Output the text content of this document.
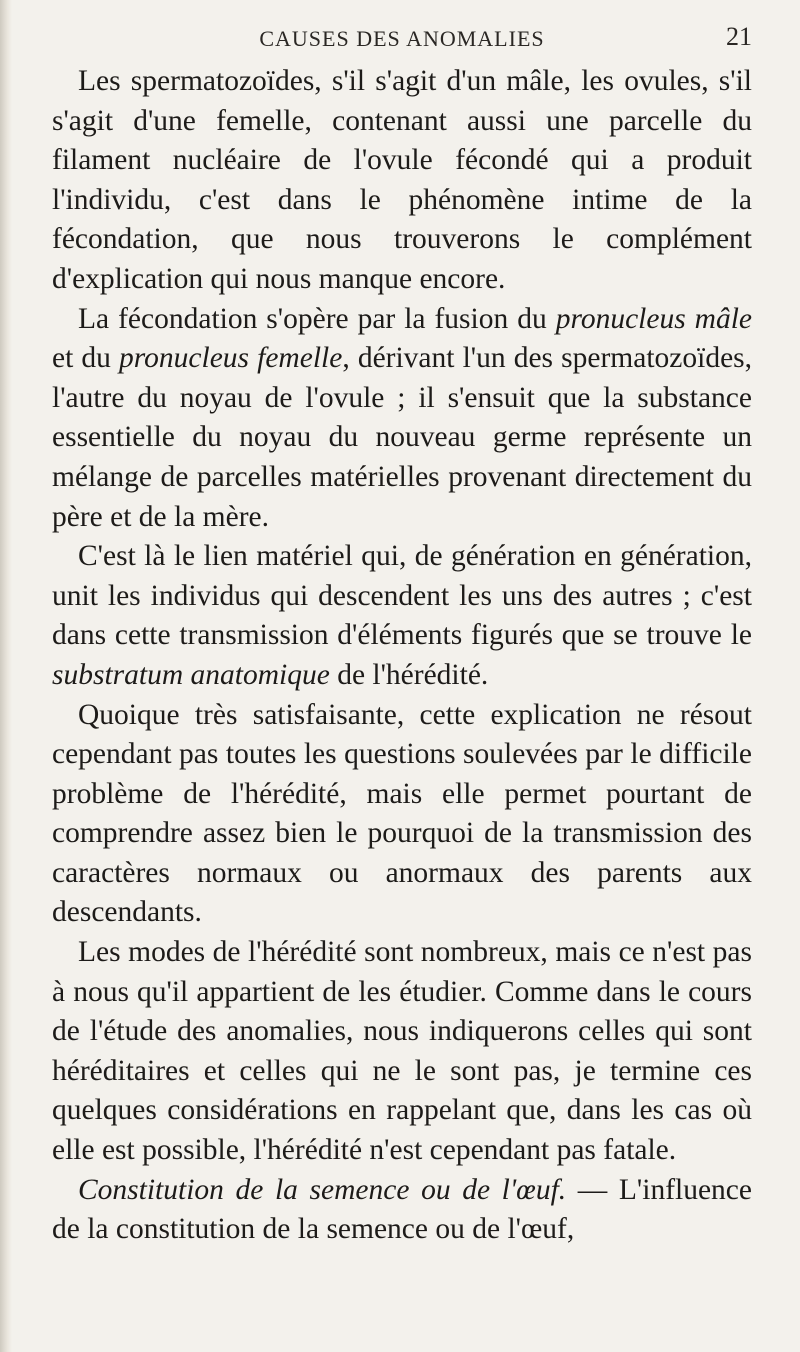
CAUSES DES ANOMALIES	21

Les spermatozoïdes, s'il s'agit d'un mâle, les ovules, s'il s'agit d'une femelle, contenant aussi une parcelle du filament nucléaire de l'ovule fécondé qui a produit l'individu, c'est dans le phénomène intime de la fécondation, que nous trouverons le complément d'explication qui nous manque encore.

La fécondation s'opère par la fusion du pronucleus mâle et du pronucleus femelle, dérivant l'un des spermatozoïdes, l'autre du noyau de l'ovule ; il s'ensuit que la substance essentielle du noyau du nouveau germe représente un mélange de parcelles matérielles provenant directement du père et de la mère.

C'est là le lien matériel qui, de génération en génération, unit les individus qui descendent les uns des autres ; c'est dans cette transmission d'éléments figurés que se trouve le substratum anatomique de l'hérédité.

Quoique très satisfaisante, cette explication ne résout cependant pas toutes les questions soulevées par le difficile problème de l'hérédité, mais elle permet pourtant de comprendre assez bien le pourquoi de la transmission des caractères normaux ou anormaux des parents aux descendants.

Les modes de l'hérédité sont nombreux, mais ce n'est pas à nous qu'il appartient de les étudier. Comme dans le cours de l'étude des anomalies, nous indiquerons celles qui sont héréditaires et celles qui ne le sont pas, je termine ces quelques considérations en rappelant que, dans les cas où elle est possible, l'hérédité n'est cependant pas fatale.

Constitution de la semence ou de l'œuf. — L'influence de la constitution de la semence ou de l'œuf,
